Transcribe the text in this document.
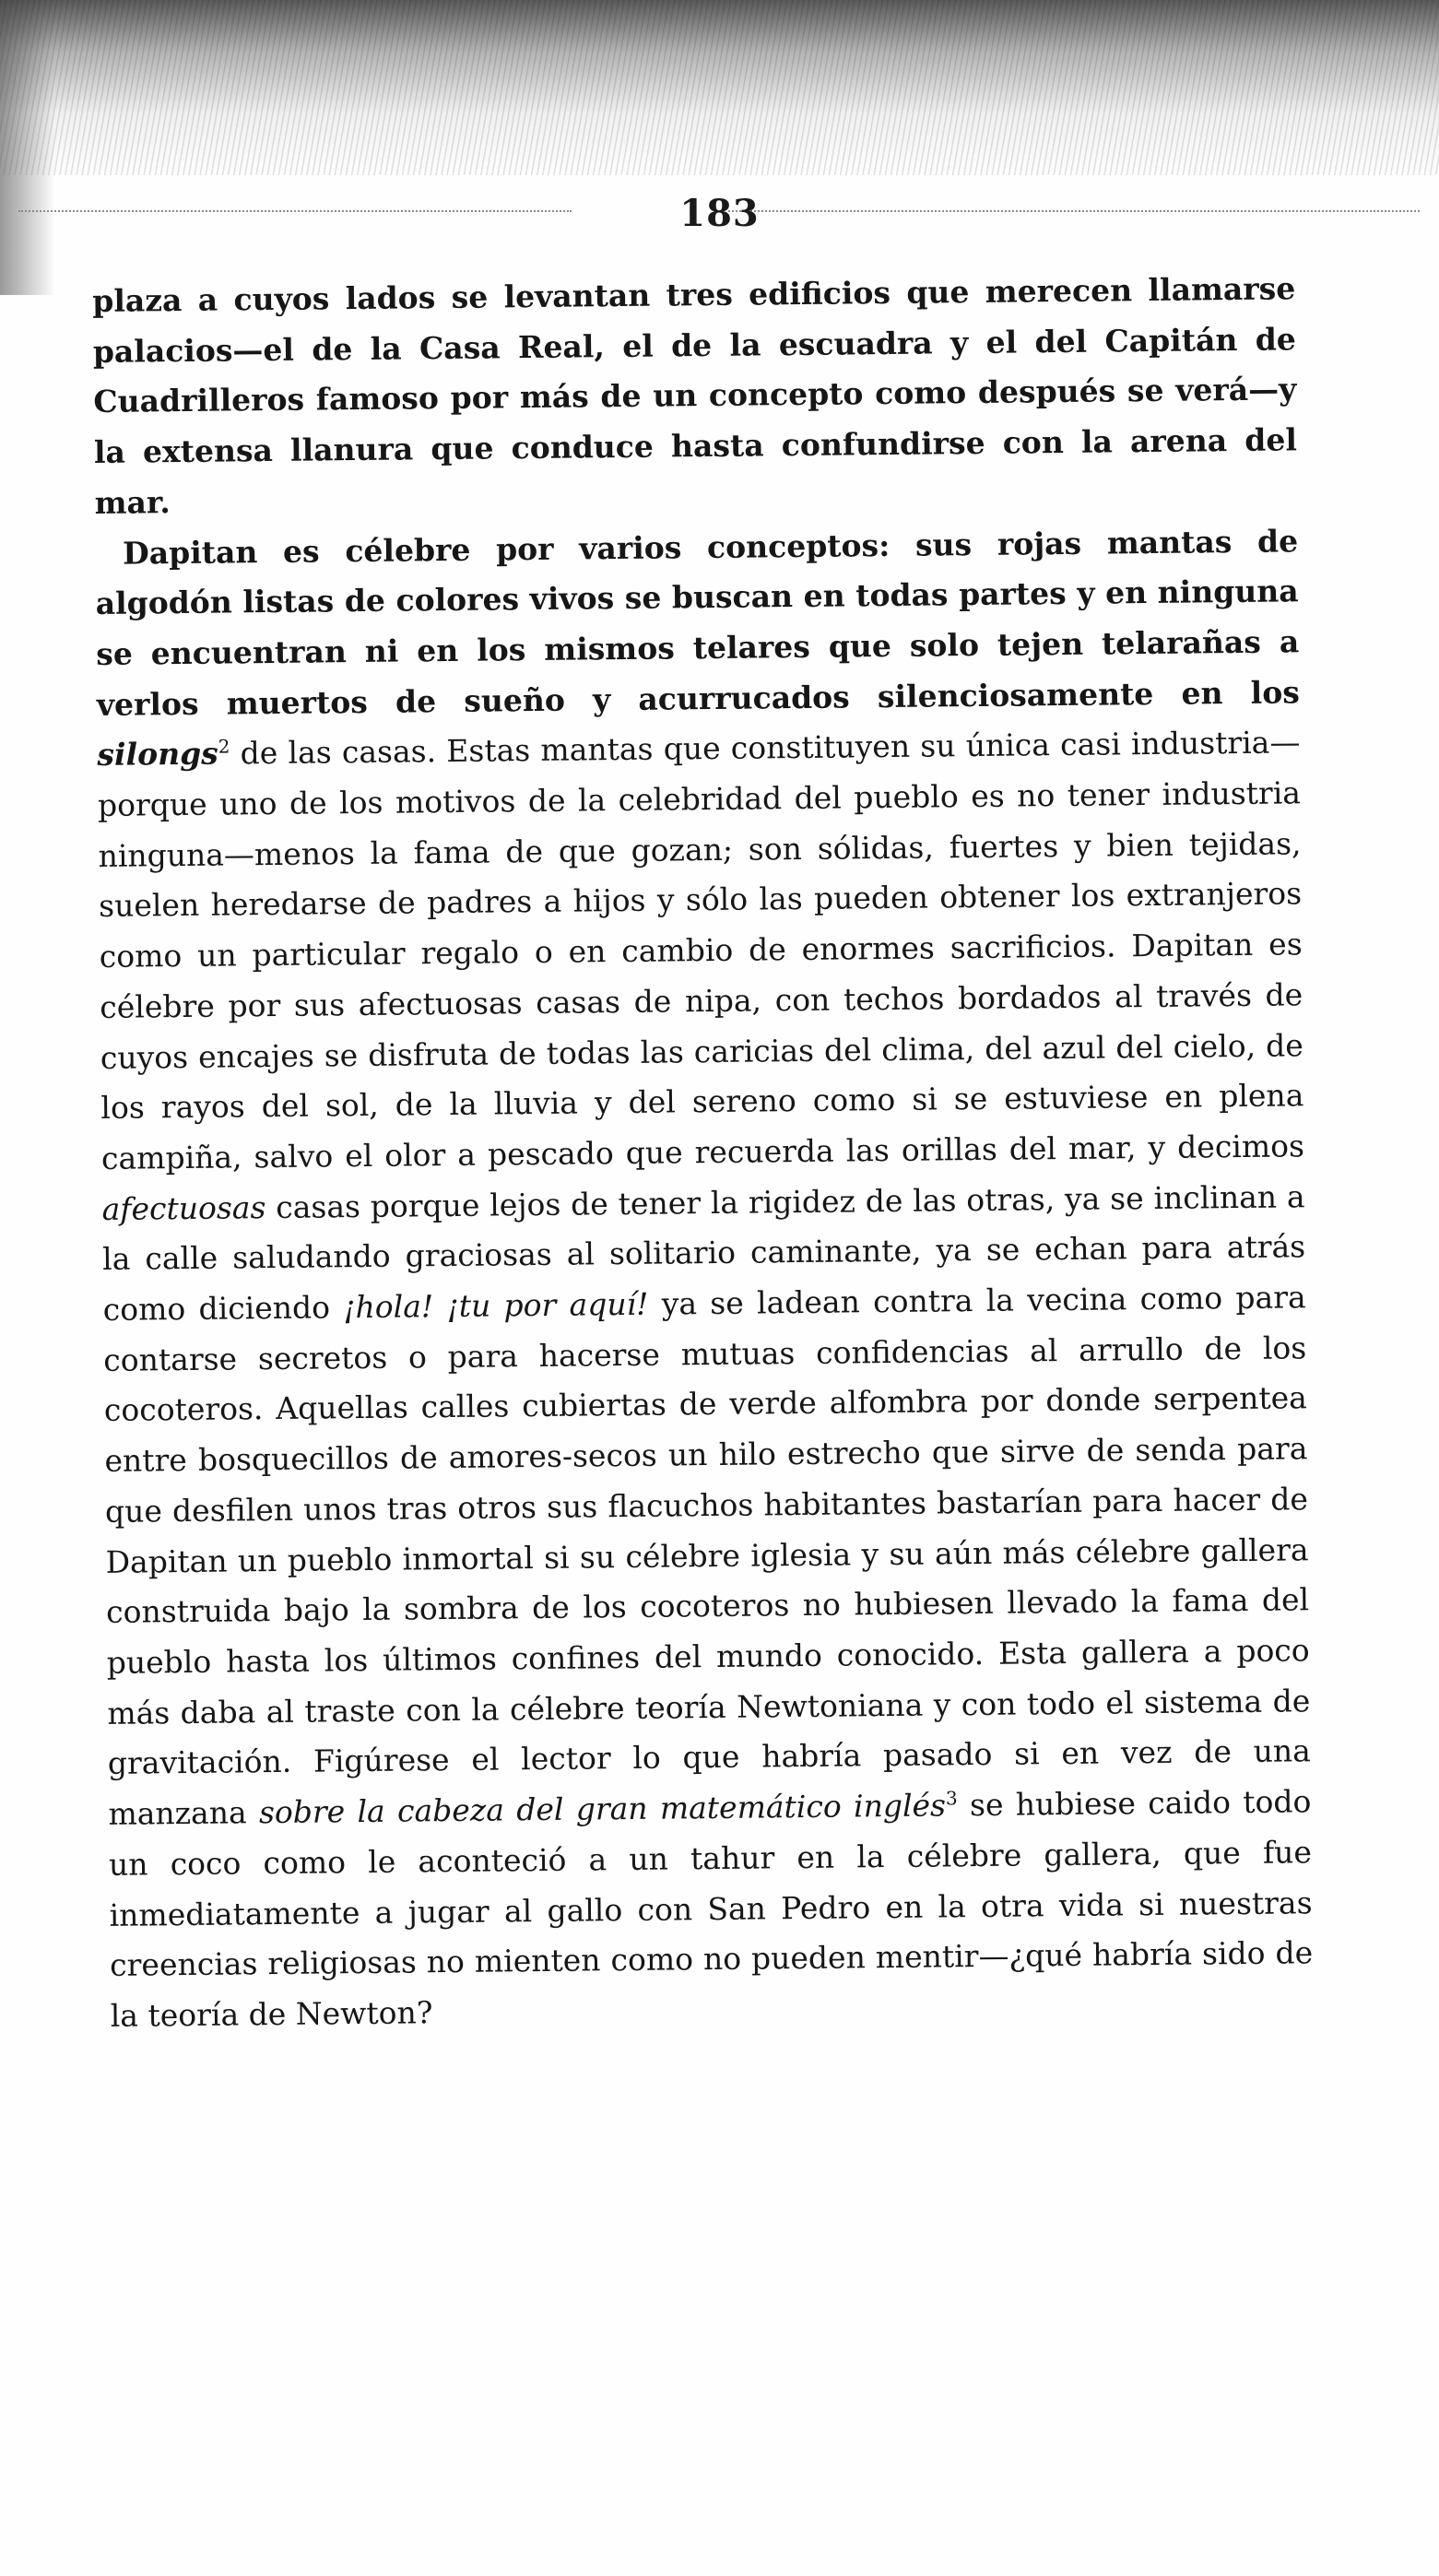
183

plaza a cuyos lados se levantan tres edificios que merecen llamarse palacios—el de la Casa Real, el de la escuadra y el del Capitán de Cuadrilleros famoso por más de un concepto como después se verá—y la extensa llanura que conduce hasta confundirse con la arena del mar.

Dapitan es célebre por varios conceptos: sus rojas mantas de algodón listas de colores vivos se buscan en todas partes y en ninguna se encuentran ni en los mismos telares que solo tejen telarañas a verlos muertos de sueño y acurrucados silenciosamente en los silongs$^2$ de las casas. Estas mantas que constituyen su única casi industria—porque uno de los motivos de la celebridad del pueblo es no tener industria ninguna—menos la fama de que gozan; son sólidas, fuertes y bien tejidas, suelen heredarse de padres a hijos y sólo las pueden obtener los extranjeros como un particular regalo o en cambio de enormes sacrificios. Dapitan es célebre por sus afectuosas casas de nipa, con techos bordados al través de cuyos encajes se disfruta de todas las caricias del clima, del azul del cielo, de los rayos del sol, de la lluvia y del sereno como si se estuviese en plena campiña, salvo el olor a pescado que recuerda las orillas del mar, y decimos afectuosas casas porque lejos de tener la rigidez de las otras, ya se inclinan a la calle saludando graciosas al solitario caminante, ya se echan para atrás como diciendo ¡hola! ¡tu por aquí! ya se ladean contra la vecina como para contarse secretos o para hacerse mutuas confidencias al arrullo de los cocoteros. Aquellas calles cubiertas de verde alfombra por donde serpentea entre bosquecillos de amores-secos un hilo estrecho que sirve de senda para que desfilen unos tras otros sus flacuchos habitantes bastarían para hacer de Dapitan un pueblo inmortal si su célebre iglesia y su aún más célebre gallera construida bajo la sombra de los cocoteros no hubiesen llevado la fama del pueblo hasta los últimos confines del mundo conocido. Esta gallera a poco más daba al traste con la célebre teoría Newtoniana y con todo el sistema de gravitación. Figúrese el lector lo que habría pasado si en vez de una manzana sobre la cabeza del gran matemático inglés$^3$ se hubiese caido todo un coco como le aconteció a un tahur en la célebre gallera, que fue inmediatamente a jugar al gallo con San Pedro en la otra vida si nuestras creencias religiosas no mienten como no pueden mentir—¿qué habría sido de la teoría de Newton?
